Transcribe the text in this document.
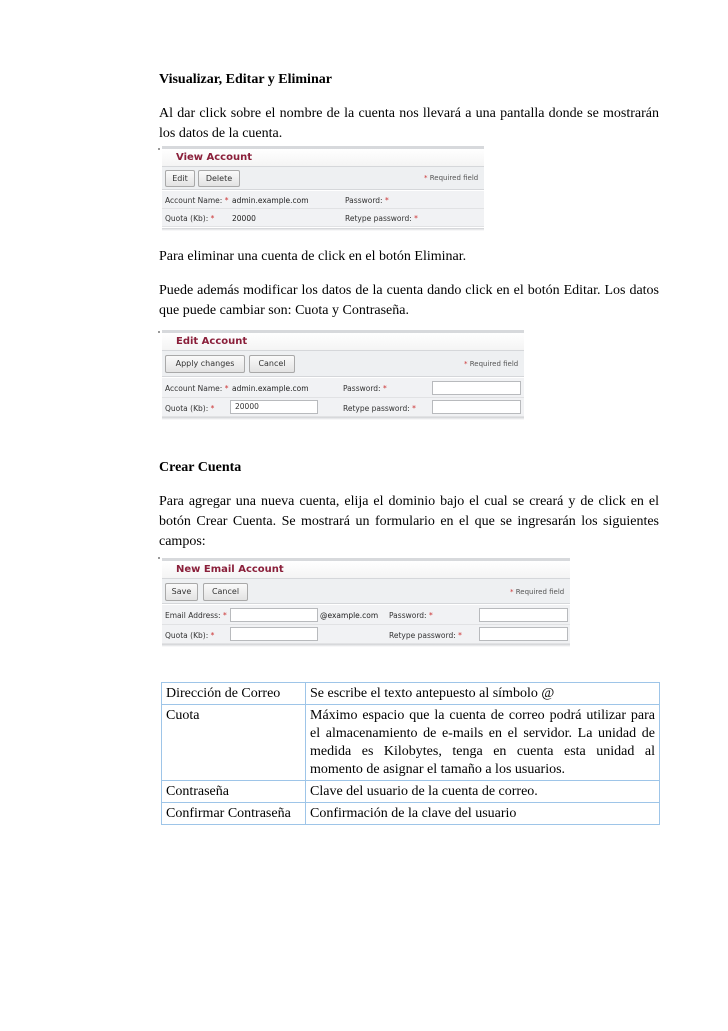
Visualizar, Editar y Eliminar
Al dar click sobre el nombre de la cuenta nos llevará a una pantalla donde se mostrarán los datos de la cuenta.
View Account
Edit	Delete	* Required field
Account Name: * admin.example.com	Password: *
Quota (Kb): * 20000	Retype password: *
Para eliminar una cuenta de click en el botón Eliminar.
Puede además modificar los datos de la cuenta dando click en el botón Editar. Los datos que puede cambiar son: Cuota y Contraseña.
Edit Account
Apply changes	Cancel	* Required field
Account Name: * admin.example.com	Password: *
Quota (Kb): *	20000	Retype password: *
Crear Cuenta
Para agregar una nueva cuenta, elija el dominio bajo el cual se creará y de click en el botón Crear Cuenta. Se mostrará un formulario en el que se ingresarán los siguientes campos:
New Email Account
Save	Cancel	* Required field
Email Address: *	@example.com Password: *
Quota (Kb): *	Retype password: *
Dirección de Correo	Se escribe el texto antepuesto al símbolo @
Cuota	Máximo espacio que la cuenta de correo podrá utilizar para el almacenamiento de e-mails en el servidor. La unidad de medida es Kilobytes, tenga en cuenta esta unidad al momento de asignar el tamaño a los usuarios.
Contraseña	Clave del usuario de la cuenta de correo.
Confirmar Contraseña	Confirmación de la clave del usuario
